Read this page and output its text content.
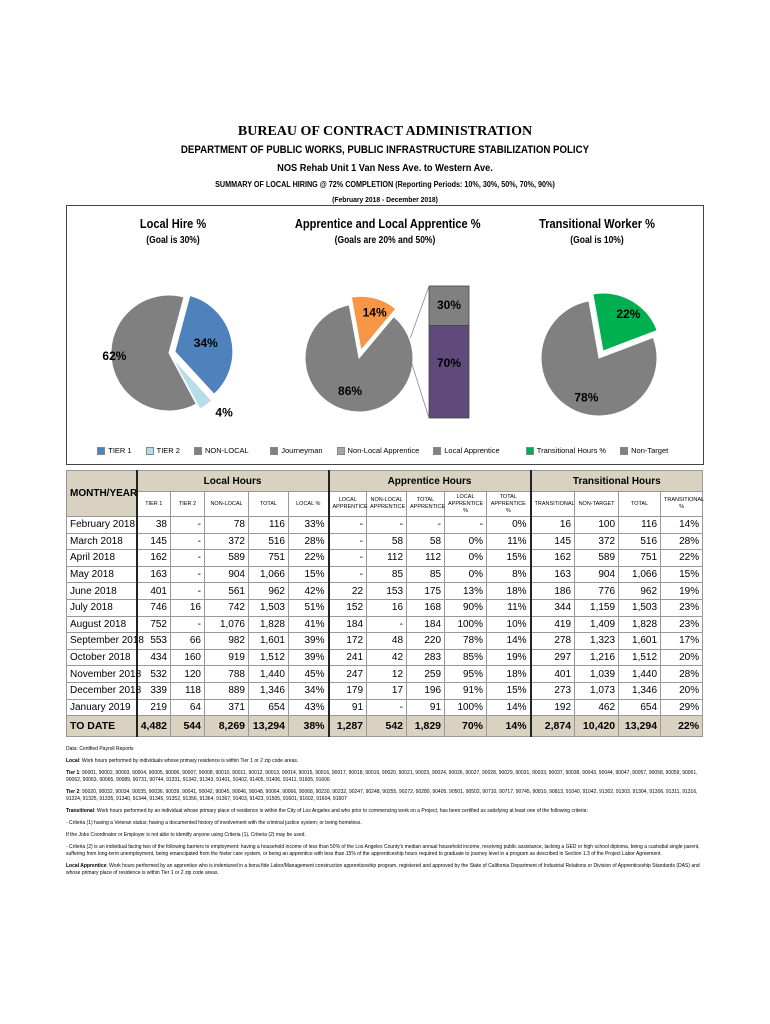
BUREAU OF CONTRACT ADMINISTRATION
DEPARTMENT OF PUBLIC WORKS, PUBLIC INFRASTRUCTURE STABILIZATION POLICY
NOS Rehab Unit 1 Van Ness Ave. to Western Ave.
SUMMARY OF LOCAL HIRING @ 72% COMPLETION (Reporting Periods: 10%, 30%, 50%, 70%, 90%)
(February 2018 - December 2018)
Local Hire %
(Goal is 30%)
34%
4%
62%
TIER 1	TIER 2	NON-LOCAL
Apprentice and Local Apprentice %
(Goals are 20% and 50%)
86%
14%
30%
70%
Journeyman	Non-Local Apprentice	Local Apprentice
Transitional Worker %
(Goal is 10%)
22%
78%
Transitional Hours %	Non-Target
MONTH/YEAR	Local Hours					Apprentice Hours					Transitional Hours			
	TIER 1	TIER 2	NON-LOCAL	TOTAL	LOCAL %	LOCAL APPRENTICE	NON-LOCAL APPRENTICE	TOTAL APPRENTICE	LOCAL APPRENTICE %	TOTAL APPRENTICE %	TRANSITIONAL	NON-TARGET	TOTAL	TRANSITIONAL %
February 2018	38	-	78	116	33%	-	-	-	-	0%	16	100	116	14%
March 2018	145	-	372	516	28%	-	58	58	0%	11%	145	372	516	28%
April 2018	162	-	589	751	22%	-	112	112	0%	15%	162	589	751	22%
May 2018	163	-	904	1,066	15%	-	85	85	0%	8%	163	904	1,066	15%
June 2018	401	-	561	962	42%	22	153	175	13%	18%	186	776	962	19%
July 2018	746	16	742	1,503	51%	152	16	168	90%	11%	344	1,159	1,503	23%
August 2018	752	-	1,076	1,828	41%	184	-	184	100%	10%	419	1,409	1,828	23%
September 2018	553	66	982	1,601	39%	172	48	220	78%	14%	278	1,323	1,601	17%
October 2018	434	160	919	1,512	39%	241	42	283	85%	19%	297	1,216	1,512	20%
November 2018	532	120	788	1,440	45%	247	12	259	95%	18%	401	1,039	1,440	28%
December 2018	339	118	889	1,346	34%	179	17	196	91%	15%	273	1,073	1,346	20%
January 2019	219	64	371	654	43%	91	-	91	100%	14%	192	462	654	29%
TO DATE	4,482	544	8,269	13,294	38%	1,287	542	1,829	70%	14%	2,874	10,420	13,294	22%

Data: Certified Payroll Reports

Local: Work hours performed by individuals whose primary residence is within Tier 1 or 2 zip code areas.

Tier 1: 90001, 90002, 90003, 90004, 90005, 90006, 90007, 90008, 90010, 90011, 90012, 90013, 90014, 90015, 90016, 90017, 90018, 90019, 90020, 90021, 90023, 90024, 90026, 90027, 90028, 90029, 90031, 90033, 90037, 90038, 90043, 90044, 90047, 90057, 90058, 90059, 90061, 90062, 90063, 90065, 90089, 90731, 90744, 91331, 91342, 91343, 91401, 91402, 91405, 91406, 91411, 91605, 91606

Tier 2: 90020, 90032, 90034, 90035, 90036, 90039, 90041, 90042, 90045, 90046, 90048, 90064, 90066, 90068, 90230, 90232, 90247, 90248, 90255, 90272, 90280, 90405, 90501, 90502, 90710, 90717, 90745, 90810, 90813, 91040, 91042, 91302, 91303, 91304, 91306, 91311, 91316, 91324, 91325, 91335, 91340, 91344, 91345, 91352, 91356, 91364, 91367, 91403, 91423, 91505, 91601, 91602, 91604, 91607

Transitional: Work hours performed by an individual whose primary place of residence is within the City of Los Angeles and who prior to commencing work on a Project, has been certified as satisfying at least one of the following criteria:

- Criteria (1) having a Veteran status; having a documented history of involvement with the criminal justice system; or being homeless.

If the Jobs Coordinator or Employer is not able to identify anyone using Criteria (1), Criteria (2) may be used.

- Criteria (2) is an individual facing two of the following barriers to employment: having a household income of less than 50% of the Los Angeles County's median annual household income, receiving public assistance, lacking a GED or high school diploma, being a custodial single parent, suffering from long-term unemployment, being emancipated from the foster care system, or being an apprentice with less than 15% of the apprenticeship hours required to graduate to journey level in a program as described in Section 1.3 of the Project Labor Agreement.

Local Apprentice: Work hours performed by an apprentice who is indentured in a bona fide Labor/Management construction apprenticeship program, registered and approved by the State of California Department of Industrial Relations or Division of Apprenticeship Standards (DAS) and whose primary place of residence is within Tier 1 or 2 zip code areas.
